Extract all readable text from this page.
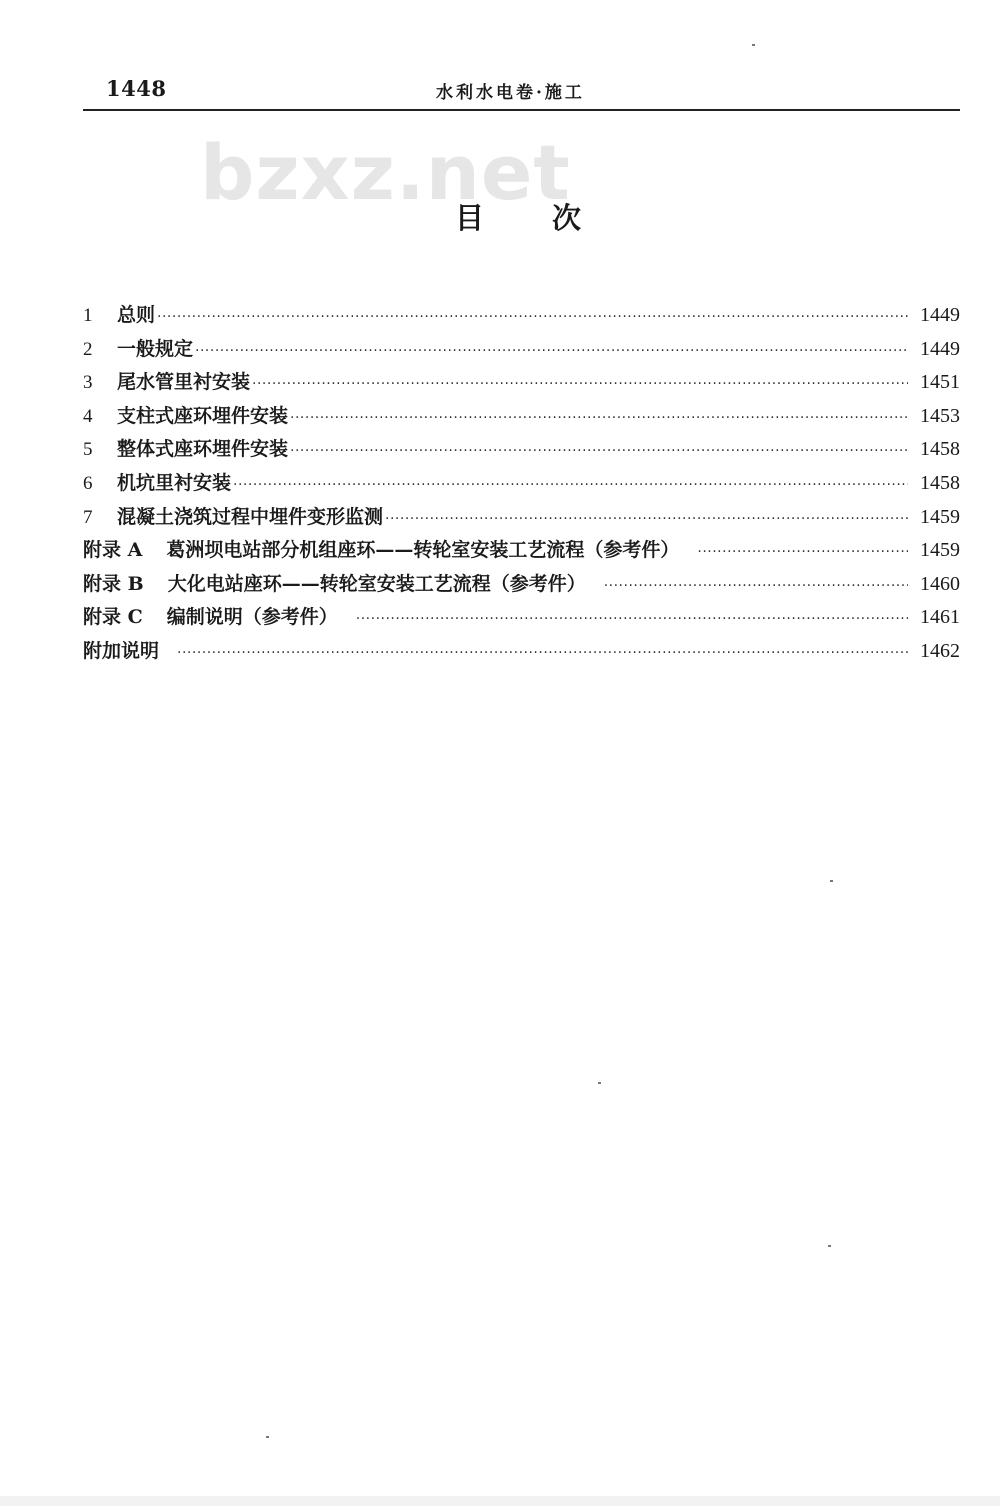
1448	水利水电卷·施工
bzxz.net
目次
1	总则 ·····	1449
2	一般规定 ·····	1449
3	尾水管里衬安装 ·····	1451
4	支柱式座环埋件安装 ·····	1453
5	整体式座环埋件安装 ·····	1458
6	机坑里衬安装 ·····	1458
7	混凝土浇筑过程中埋件变形监测 ·····	1459
附录 A 葛洲坝电站部分机组座环——转轮室安装工艺流程（参考件） ·····	1459
附录 B 大化电站座环——转轮室安装工艺流程（参考件） ·····	1460
附录 C 编制说明（参考件） ·····	1461
附加说明 ·····	1462
